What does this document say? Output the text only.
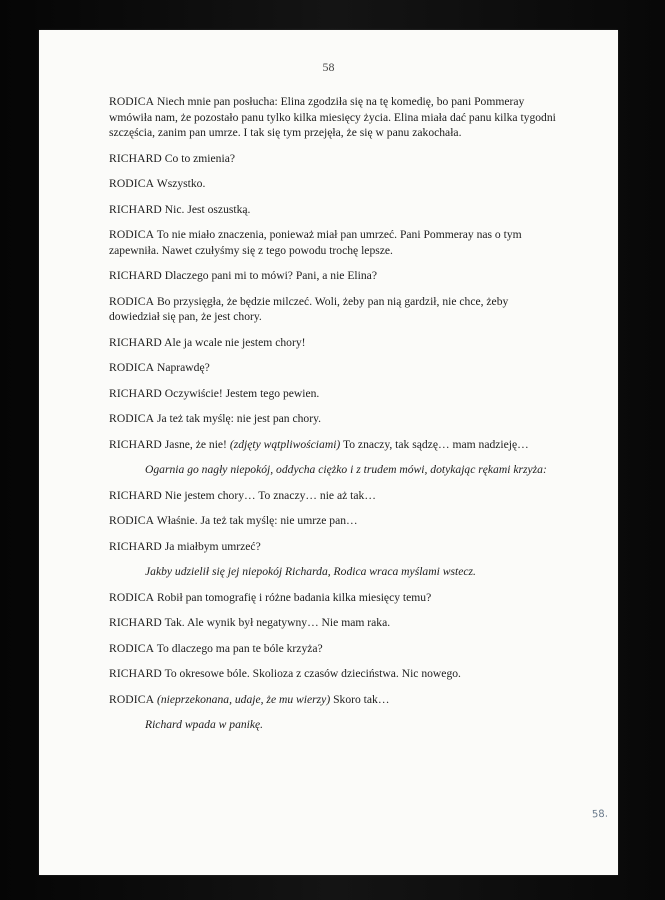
58

RODICA Niech mnie pan posłucha: Elina zgodziła się na tę komedię, bo pani Pommeray wmówiła nam, że pozostało panu tylko kilka miesięcy życia. Elina miała dać panu kilka tygodni szczęścia, zanim pan umrze. I tak się tym przejęła, że się w panu zakochała.

RICHARD Co to zmienia?

RODICA Wszystko.

RICHARD Nic. Jest oszustką.

RODICA To nie miało znaczenia, ponieważ miał pan umrzeć. Pani Pommeray nas o tym zapewniła. Nawet czułyśmy się z tego powodu trochę lepsze.

RICHARD Dlaczego pani mi to mówi? Pani, a nie Elina?

RODICA Bo przysięgła, że będzie milczeć. Woli, żeby pan nią gardził, nie chce, żeby dowiedział się pan, że jest chory.

RICHARD Ale ja wcale nie jestem chory!

RODICA Naprawdę?

RICHARD Oczywiście! Jestem tego pewien.

RODICA Ja też tak myślę: nie jest pan chory.

RICHARD Jasne, że nie! (zdjęty wątpliwościami) To znaczy, tak sądzę… mam nadzieję…

Ogarnia go nagły niepokój, oddycha ciężko i z trudem mówi, dotykając rękami krzyża:

RICHARD Nie jestem chory… To znaczy… nie aż tak…

RODICA Właśnie. Ja też tak myślę: nie umrze pan…

RICHARD Ja miałbym umrzeć?

Jakby udzielił się jej niepokój Richarda, Rodica wraca myślami wstecz.

RODICA Robił pan tomografię i różne badania kilka miesięcy temu?

RICHARD Tak. Ale wynik był negatywny… Nie mam raka.

RODICA To dlaczego ma pan te bóle krzyża?

RICHARD To okresowe bóle. Skolioza z czasów dzieciństwa. Nic nowego.

RODICA (nieprzekonana, udaje, że mu wierzy) Skoro tak…

Richard wpada w panikę.

58.
